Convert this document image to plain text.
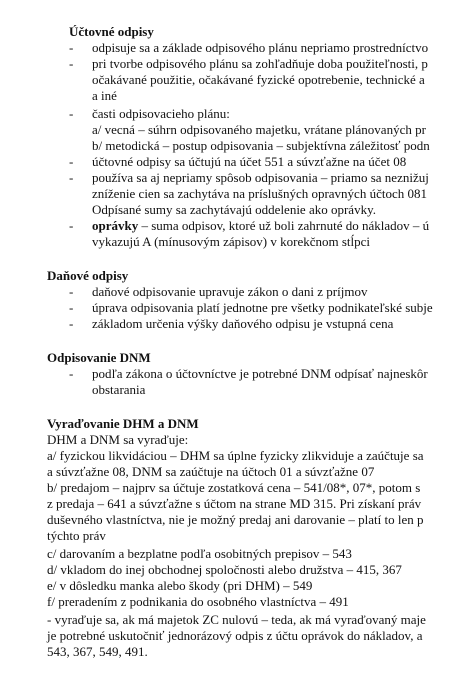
Účtovné odpisy
- odpisuje sa a základe odpisového plánu nepriamo prostredníctvo
- pri tvorbe odpisového plánu sa zohľadňuje doba použiteľnosti, p
očakávané použitie, očakávané fyzické opotrebenie, technické a
a iné
- časti odpisovacieho plánu:
a/ vecná – súhrn odpisovaného majetku, vrátane plánovaných pr
b/ metodická – postup odpisovania – subjektívna záležitosť podn
- účtovné odpisy sa účtujú na účet 551 a súvzťažne na účet 08
- používa sa aj nepriamy spôsob odpisovania – priamo sa neznižuj
zníženie cien sa zachytáva na príslušných opravných účtoch 081
Odpísané sumy sa zachytávajú oddelenie ako oprávky.
- oprávky – suma odpisov, ktoré už boli zahrnuté do nákladov – ú
vykazujú A (mínusovým zápisov) v korekčnom stĺpci
Daňové odpisy
- daňové odpisovanie upravuje zákon o dani z príjmov
- úprava odpisovania platí jednotne pre všetky podnikateľské subje
- základom určenia výšky daňového odpisu je vstupná cena
Odpisovanie DNM
- podľa zákona o účtovníctve je potrebné DNM odpísať najneskôr
obstarania
Vyraďovanie DHM a DNM
DHM a DNM sa vyraďuje:
a/ fyzickou likvidáciou – DHM sa úplne fyzicky zlikviduje a zaúčtuje sa
a súvzťažne 08, DNM sa zaúčtuje na účtoch 01 a súvzťažne 07
b/ predajom – najprv sa účtuje zostatková cena – 541/08*, 07*, potom s
z predaja – 641 a súvzťažne s účtom na strane MD 315. Pri získaní práv
duševného vlastníctva, nie je možný predaj ani darovanie – platí to len p
týchto práv
c/ darovaním a bezplatne podľa osobitných prepisov – 543
d/ vkladom do inej obchodnej spoločnosti alebo družstva – 415, 367
e/ v dôsledku manka alebo škody (pri DHM) – 549
f/ preradením z podnikania do osobného vlastníctva – 491
- vyraďuje sa, ak má majetok ZC nulovú – teda, ak má vyraďovaný maje
je potrebné uskutočniť jednorázový odpis z účtu oprávok do nákladov, a
543, 367, 549, 491.
